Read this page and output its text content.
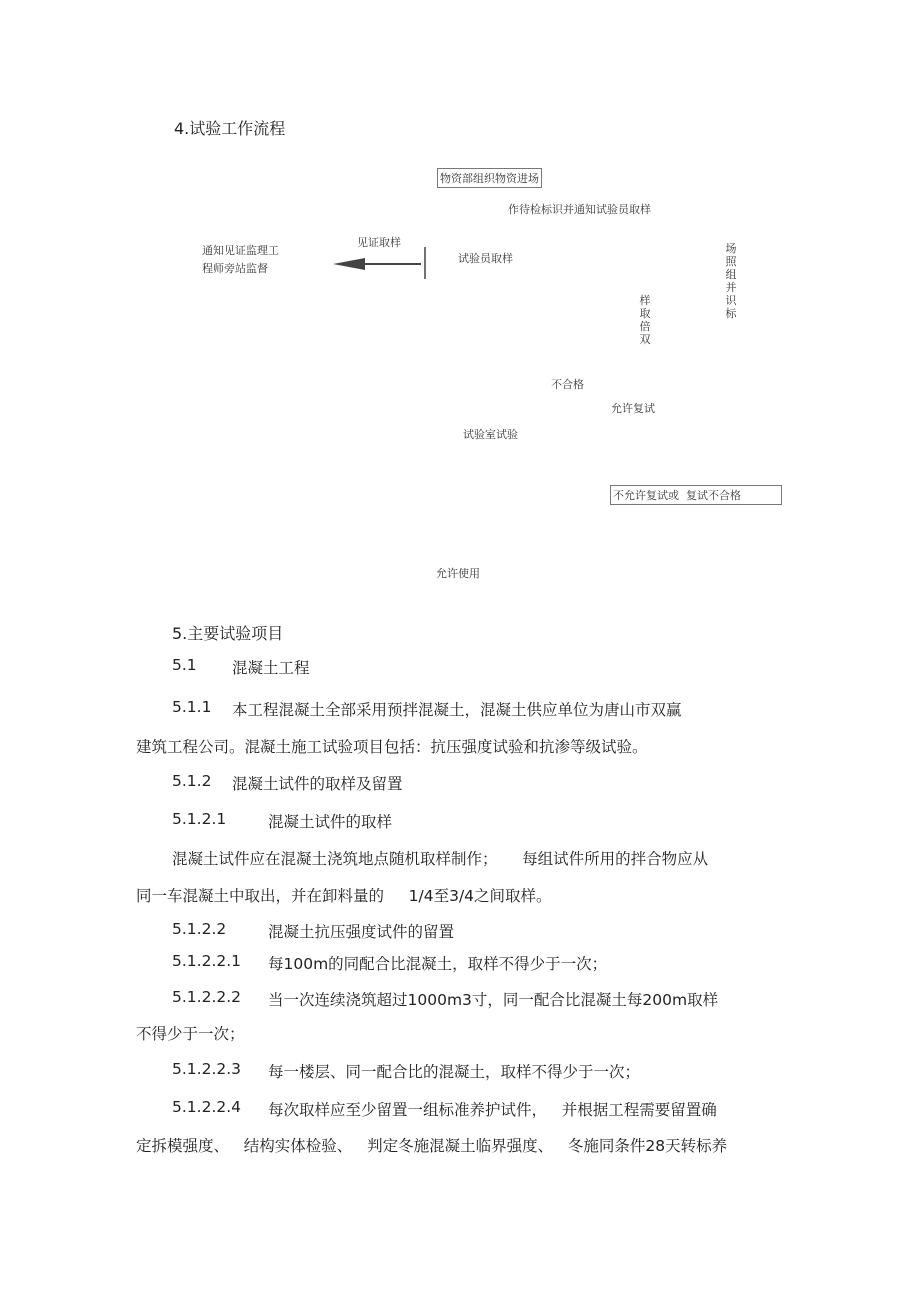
4.试验工作流程
物资部组织物资进场
作待检标识并通知试验员取样
通知见证监理工
程师旁站监督
见证取样
试验员取样
场
照
组
并
识
标
样
取
倍
双
不合格
允许复试
试验室试验
不允许复试或  复试不合格
允许使用
5.主要试验项目
5.1 混凝土工程
5.1.1 本工程混凝土全部采用预拌混凝土，混凝土供应单位为唐山市双赢
建筑工程公司。混凝土施工试验项目包括：抗压强度试验和抗渗等级试验。
5.1.2 混凝土试件的取样及留置
5.1.2.1	混凝土试件的取样
混凝土试件应在混凝土浇筑地点随机取样制作；     每组试件所用的拌合物应从
同一车混凝土中取出，并在卸料量的     1/4至3/4之间取样。
5.1.2.2	混凝土抗压强度试件的留置
5.1.2.2.1 每100m的同配合比混凝土，取样不得少于一次；
5.1.2.2.2 当一次连续浇筑超过1000m3寸，同一配合比混凝土每200m取样
不得少于一次；
5.1.2.2.3 每一楼层、同一配合比的混凝土，取样不得少于一次；
5.1.2.2.4 每次取样应至少留置一组标准养护试件，   并根据工程需要留置确
定拆模强度、   结构实体检验、   判定冬施混凝土临界强度、   冬施同条件28天转标养
